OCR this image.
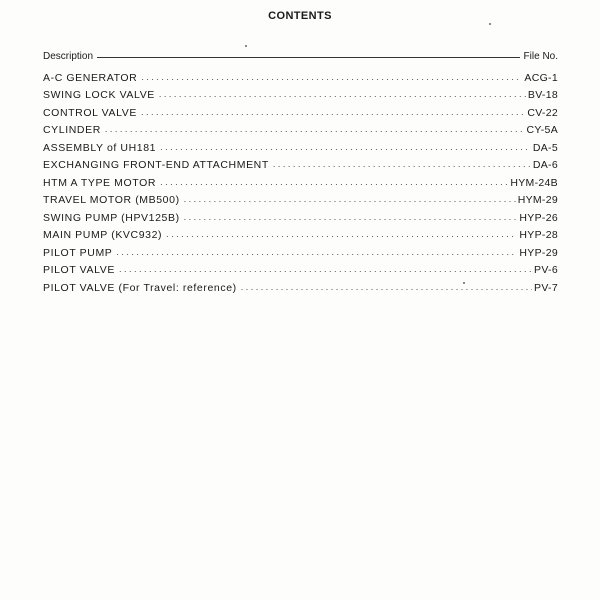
CONTENTS
Description	File No.
A-C GENERATOR . . .	ACG-1
SWING LOCK VALVE . . .	BV-18
CONTROL VALVE . . .	CV-22
CYLINDER . . .	CY-5A
ASSEMBLY of UH181 . . .	DA-5
EXCHANGING FRONT-END ATTACHMENT . . .	DA-6
HTM A TYPE MOTOR . . .	HYM-24B
TRAVEL MOTOR (MB500) . . .	HYM-29
SWING PUMP (HPV125B) . . .	HYP-26
MAIN PUMP (KVC932) . . .	HYP-28
PILOT PUMP . . .	HYP-29
PILOT VALVE . . .	PV-6
PILOT VALVE (For Travel: reference) . . .	PV-7
